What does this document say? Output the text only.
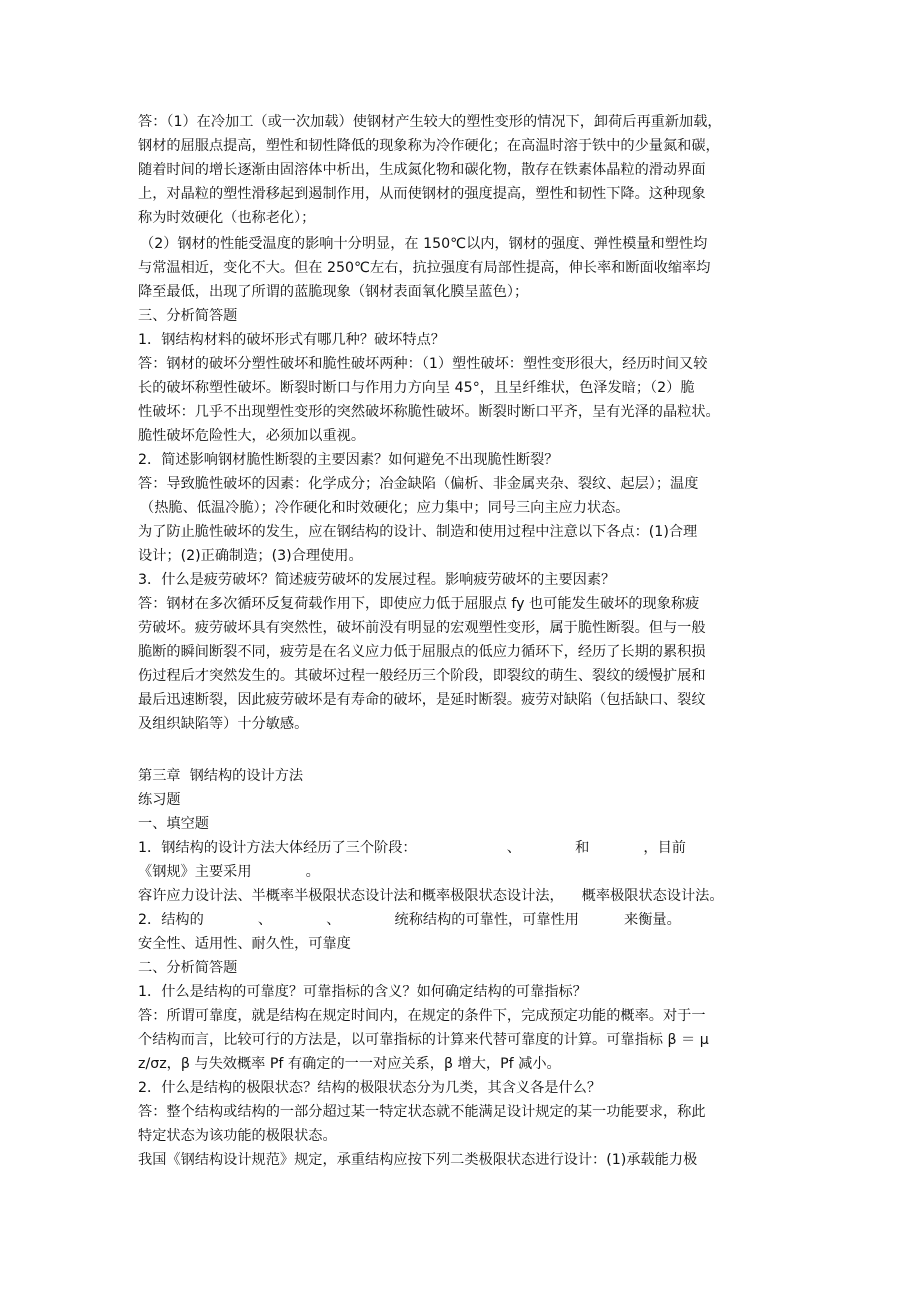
答：（1）在冷加工（或一次加载）使钢材产生较大的塑性变形的情况下，卸荷后再重新加载，
钢材的屈服点提高，塑性和韧性降低的现象称为冷作硬化；在高温时溶于铁中的少量氮和碳，
随着时间的增长逐渐由固溶体中析出，生成氮化物和碳化物，散存在铁素体晶粒的滑动界面
上，对晶粒的塑性滑移起到遏制作用，从而使钢材的强度提高，塑性和韧性下降。这种现象
称为时效硬化（也称老化）；
（2）钢材的性能受温度的影响十分明显，在 150℃以内，钢材的强度、弹性模量和塑性均
与常温相近，变化不大。但在 250℃左右，抗拉强度有局部性提高，伸长率和断面收缩率均
降至最低，出现了所谓的蓝脆现象（钢材表面氧化膜呈蓝色）；
三、分析简答题
1．钢结构材料的破坏形式有哪几种？破坏特点？
答：钢材的破坏分塑性破坏和脆性破坏两种：（1）塑性破坏：塑性变形很大，经历时间又较
长的破坏称塑性破坏。断裂时断口与作用力方向呈 45°，且呈纤维状，色泽发暗；（2）脆
性破坏：几乎不出现塑性变形的突然破坏称脆性破坏。断裂时断口平齐，呈有光泽的晶粒状。
脆性破坏危险性大，必须加以重视。
2．简述影响钢材脆性断裂的主要因素？如何避免不出现脆性断裂？
答：导致脆性破坏的因素：化学成分；冶金缺陷（偏析、非金属夹杂、裂纹、起层）；温度
（热脆、低温冷脆）；冷作硬化和时效硬化；应力集中；同号三向主应力状态。
为了防止脆性破坏的发生，应在钢结构的设计、制造和使用过程中注意以下各点：(1)合理
设计；(2)正确制造；(3)合理使用。
3．什么是疲劳破坏？简述疲劳破坏的发展过程。影响疲劳破坏的主要因素？
答：钢材在多次循环反复荷载作用下，即使应力低于屈服点 fy 也可能发生破坏的现象称疲
劳破坏。疲劳破坏具有突然性，破坏前没有明显的宏观塑性变形，属于脆性断裂。但与一般
脆断的瞬间断裂不同，疲劳是在名义应力低于屈服点的低应力循环下，经历了长期的累积损
伤过程后才突然发生的。其破坏过程一般经历三个阶段，即裂纹的萌生、裂纹的缓慢扩展和
最后迅速断裂，因此疲劳破坏是有寿命的破坏，是延时断裂。疲劳对缺陷（包括缺口、裂纹
及组织缺陷等）十分敏感。
第三章  钢结构的设计方法
练习题
一、填空题
1．钢结构的设计方法大体经历了三个阶段：                    、            和            ，目前
《钢规》主要采用            。
容许应力设计法、半概率半极限状态设计法和概率极限状态设计法，    概率极限状态设计法。
2．结构的            、            、            统称结构的可靠性，可靠性用          来衡量。
安全性、适用性、耐久性，可靠度
二、分析简答题
1．什么是结构的可靠度？可靠指标的含义？如何确定结构的可靠指标？
答：所谓可靠度，就是结构在规定时间内，在规定的条件下，完成预定功能的概率。对于一
个结构而言，比较可行的方法是，以可靠指标的计算来代替可靠度的计算。可靠指标 β ＝ μ
z/σz，β 与失效概率 Pf 有确定的一一对应关系，β 增大，Pf 减小。
2．什么是结构的极限状态？结构的极限状态分为几类，其含义各是什么？
答：整个结构或结构的一部分超过某一特定状态就不能满足设计规定的某一功能要求，称此
特定状态为该功能的极限状态。
我国《钢结构设计规范》规定，承重结构应按下列二类极限状态进行设计：(1)承载能力极
